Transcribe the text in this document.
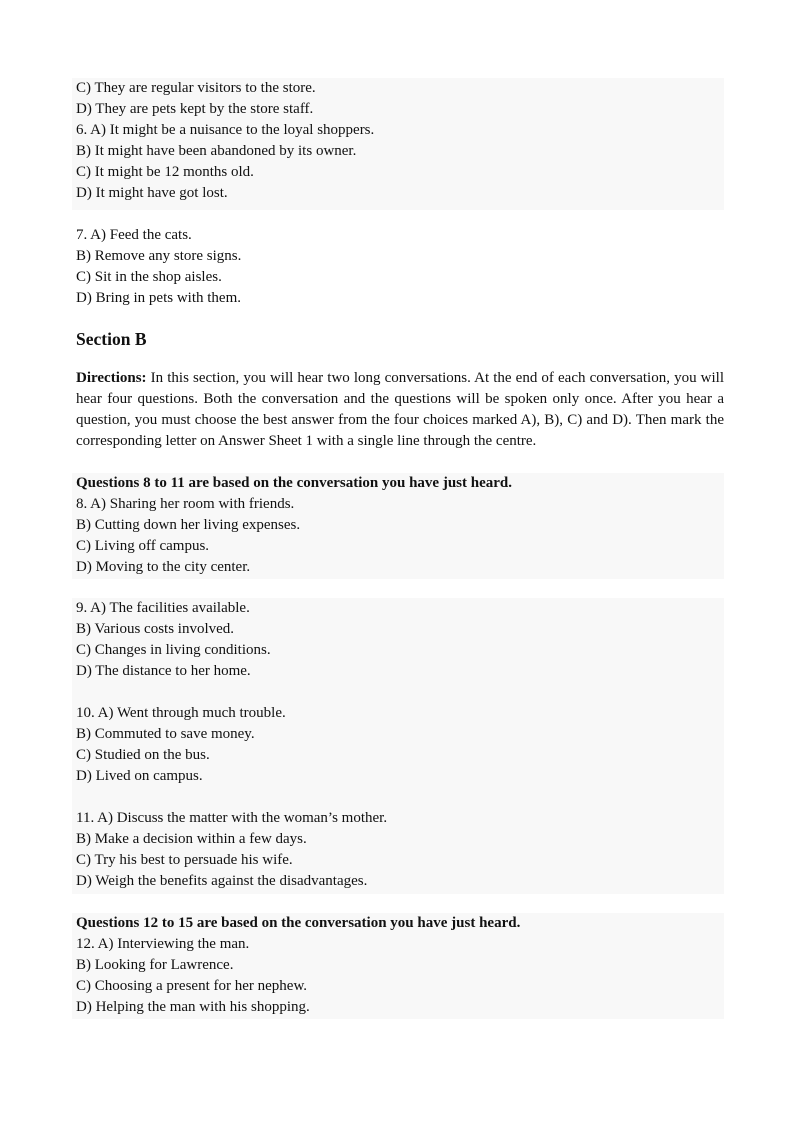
C) They are regular visitors to the store.
D) They are pets kept by the store staff.
6. A) It might be a nuisance to the loyal shoppers.
B) It might have been abandoned by its owner.
C) It might be 12 months old.
D) It might have got lost.
7. A) Feed the cats.
B) Remove any store signs.
C) Sit in the shop aisles.
D) Bring in pets with them.
Section B
Directions: In this section, you will hear two long conversations. At the end of each conversation, you will hear four questions. Both the conversation and the questions will be spoken only once. After you hear a question, you must choose the best answer from the four choices marked A), B), C) and D). Then mark the corresponding letter on Answer Sheet 1 with a single line through the centre.
Questions 8 to 11 are based on the conversation you have just heard.
8. A) Sharing her room with friends.
B) Cutting down her living expenses.
C) Living off campus.
D) Moving to the city center.
9. A) The facilities available.
B) Various costs involved.
C) Changes in living conditions.
D) The distance to her home.
10. A) Went through much trouble.
B) Commuted to save money.
C) Studied on the bus.
D) Lived on campus.
11. A) Discuss the matter with the woman’s mother.
B) Make a decision within a few days.
C) Try his best to persuade his wife.
D) Weigh the benefits against the disadvantages.
Questions 12 to 15 are based on the conversation you have just heard.
12. A) Interviewing the man.
B) Looking for Lawrence.
C) Choosing a present for her nephew.
D) Helping the man with his shopping.
